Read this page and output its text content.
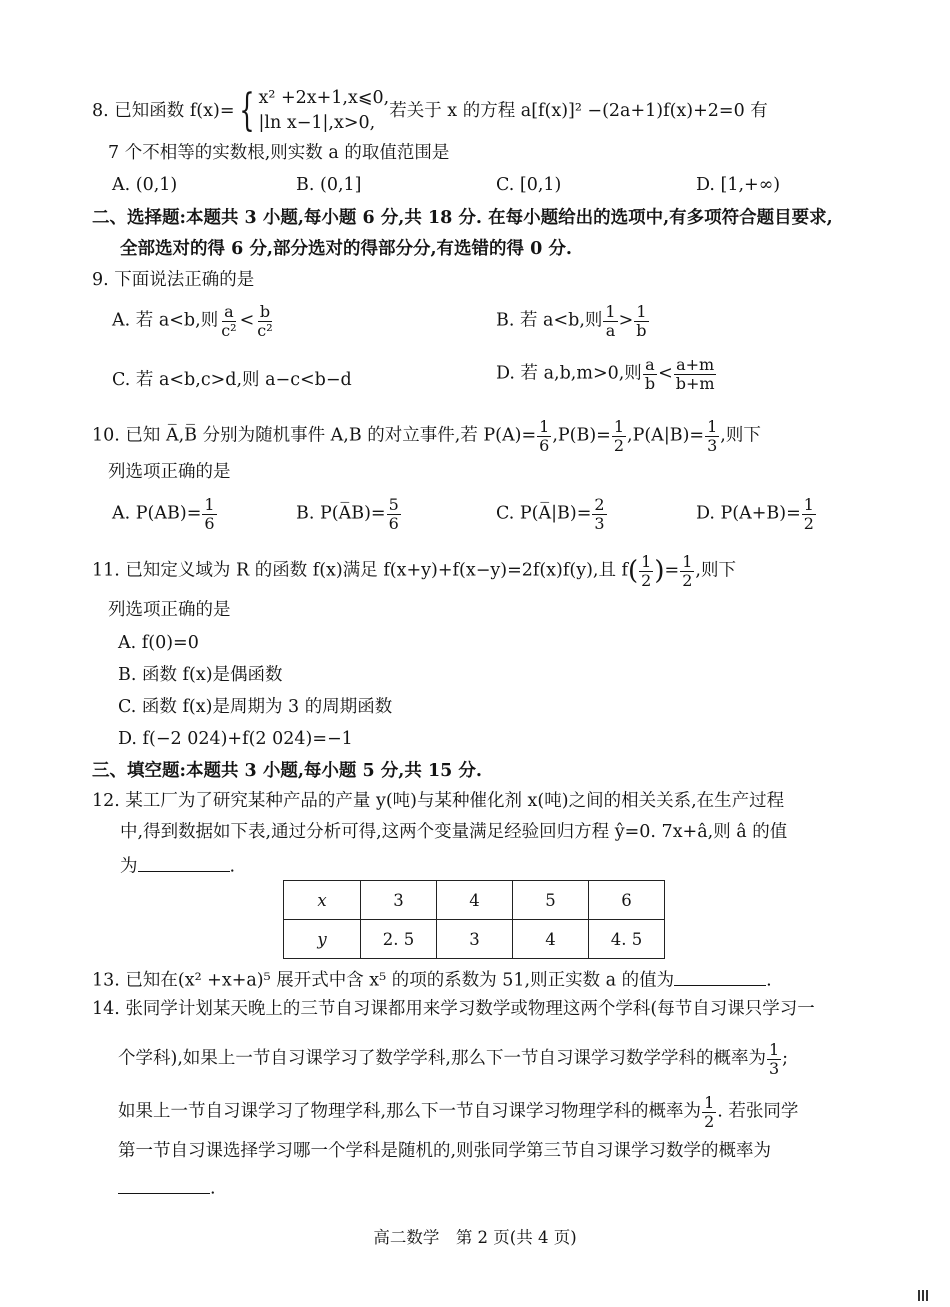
8. 已知函数 f(x)={ x² +2x+1,x⩽0,
|ln x−1|,x>0,
若关于 x 的方程 a[f(x)]² −(2a+1)f(x)+2=0 有
7 个不相等的实数根,则实数 a 的取值范围是
A. (0,1)	B. (0,1]	C. [0,1)	D. [1,+∞)
二、选择题:本题共 3 小题,每小题 6 分,共 18 分. 在每小题给出的选项中,有多项符合题目要求,
全部选对的得 6 分,部分选对的得部分分,有选错的得 0 分.
9. 下面说法正确的是
A. 若 a<b,则 $\frac{a}{\text{c²}} < \frac{b}{\text{c²}}$	B. 若 a<b,则 $\frac{1}{a} > \frac{1}{b}$
C. 若 a<b,c>d,则 a−c<b−d	D. 若 a,b,m>0,则 $\frac{a}{b} < \frac{a+m}{b+m}$
10. 已知 A̅,B̅ 分别为随机事件 A,B 的对立事件,若 $P(A)= \frac{1}{6} ,P(B)= \frac{1}{2} ,P(A|B)= \frac{1}{3}$ ,则下
列选项正确的是
A. $P(AB)= \frac{1}{6}$	B. P(A̅B)= $\frac{5}{6}$	C. P(A̅|B)= $\frac{2}{3}$	D. $P(A+B)= \frac{1}{2}$
11. 已知定义域为 R 的函数 f(x)满足 f(x+y)+f(x−y)=2f(x)f(y),且 $f( \frac{1}{2}$ )= $\frac{1}{2}$ ,则下
列选项正确的是
A. f(0)=0
B. 函数 f(x)是偶函数
C. 函数 f(x)是周期为 3 的周期函数
D. f(−2 024)+f(2 024)=−1
三、填空题:本题共 3 小题,每小题 5 分,共 15 分.
12. 某工厂为了研究某种产品的产量 y(吨)与某种催化剂 x(吨)之间的相关关系,在生产过程
中,得到数据如下表,通过分析可得,这两个变量满足经验回归方程 ŷ=0. 7x+â,则 â 的值
为	.
x	3	4	5	6
y	2. 5	3	4	4. 5
13. 已知在(x² +x+a)⁵ 展开式中含 x⁵ 的项的系数为 51,则正实数 a 的值为	.
14. 张同学计划某天晚上的三节自习课都用来学习数学或物理这两个学科(每节自习课只学习一
个学科),如果上一节自习课学习了数学学科,那么下一节自习课学习数学学科的概率为 $\frac{1}{3}$ ;
如果上一节自习课学习了物理学科,那么下一节自习课学习物理学科的概率为 $\frac{1}{2}$ . 若张同学
第一节自习课选择学习哪一个学科是随机的,则张同学第三节自习课学习数学的概率为
.
高二数学　第 2 页(共 4 页)
